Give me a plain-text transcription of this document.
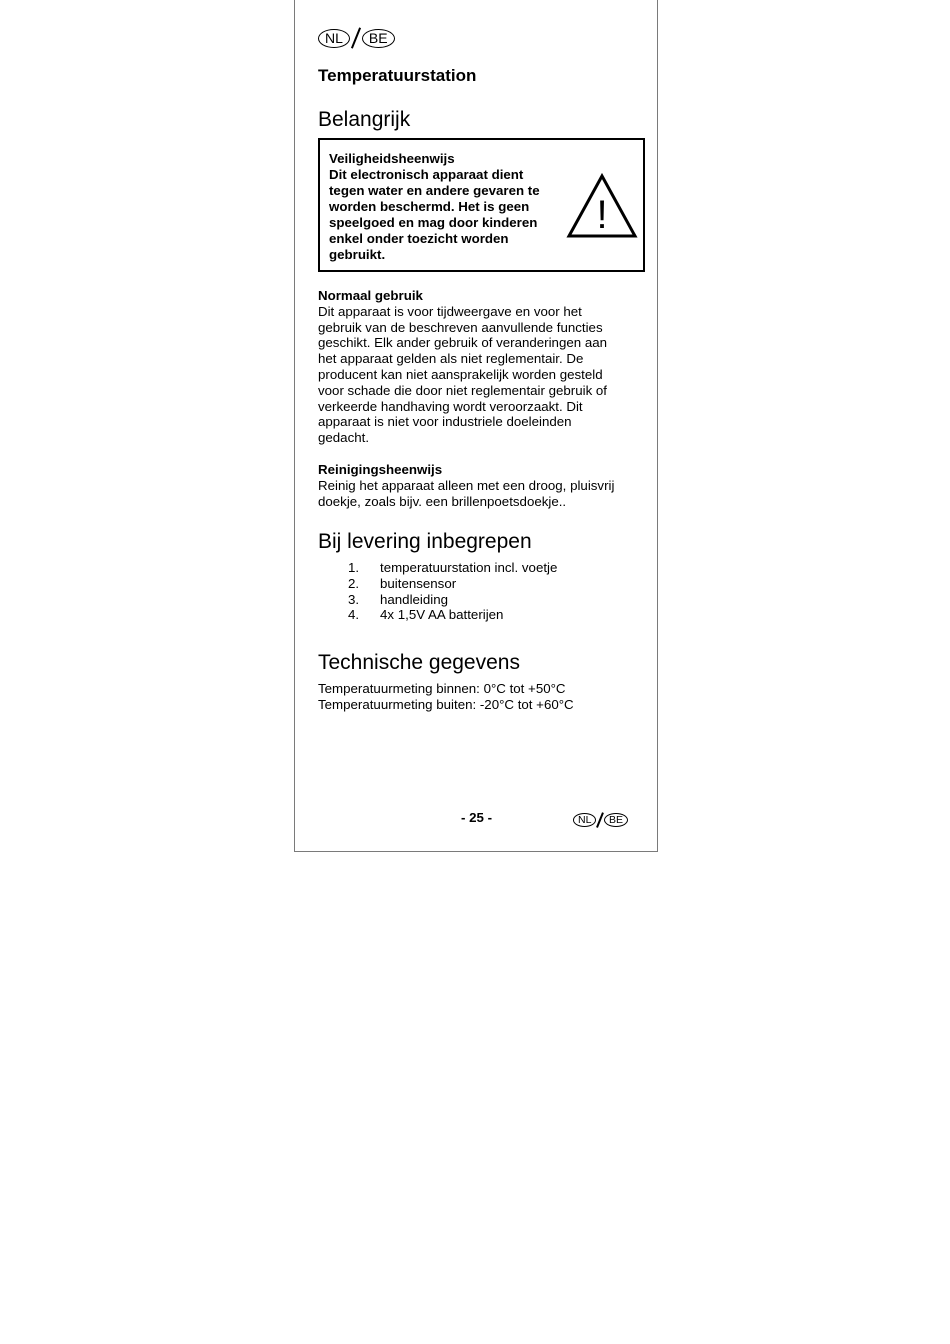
NL	BE
Temperatuurstation
Belangrijk
Veiligheidsheenwijs
Dit electronisch apparaat dient
tegen water en andere gevaren te
worden beschermd. Het is geen
speelgoed en mag door kinderen
enkel onder toezicht worden
gebruikt.
!
Normaal gebruik
Dit apparaat is voor tijdweergave en voor het
gebruik van de beschreven aanvullende functies
geschikt. Elk ander gebruik of veranderingen aan
het apparaat gelden als niet reglementair. De
producent kan niet aansprakelijk worden gesteld
voor schade die door niet reglementair gebruik of
verkeerde handhaving wordt veroorzaakt. Dit
apparaat is niet voor industriele doeleinden
gedacht.
Reinigingsheenwijs
Reinig het apparaat alleen met een droog, pluisvrij
doekje, zoals bijv. een brillenpoetsdoekje..
Bij levering inbegrepen
1.	temperatuurstation incl. voetje
2.	buitensensor
3.	handleiding
4.	4x 1,5V AA batterijen
Technische gegevens
Temperatuurmeting binnen: 0°C tot +50°C
Temperatuurmeting buiten: -20°C tot +60°C
- 25 -	NL	BE
